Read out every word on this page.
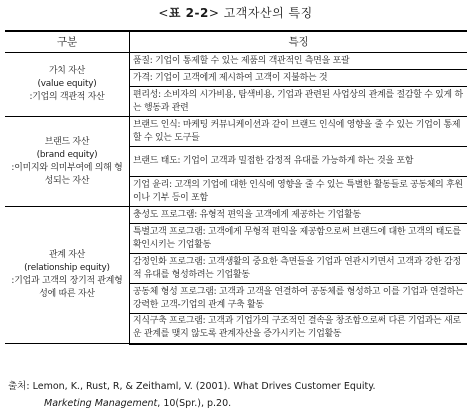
<표 2-2> 고객자산의 특징
구분	특징

가치 자산
(value equity)
:기업의 객관적 자산	품질: 기업이 통제할 수 있는 제품의 객관적인 측면을 포괄
	가격: 기업이 고객에게 제시하여 고객이 지불하는 것
	편리성: 소비자의 시가비용, 탐색비용, 기업과 관련된 사업상의 관계를 절감할 수 있게 하는 행동과 관련

브랜드 자산
(brand equity)
:이미지와 의미부여에 의해 형성되는 자산	브랜드 인식: 마케팅 커뮤니케이션과 같이 브랜드 인식에 영향을 줄 수 있는 기업이 통제할 수 있는 도구들
	브랜드 태도: 기업이 고객과 밀접한 감정적 유대를 가능하게 하는 것을 포함
	기업 윤리: 고객의 기업에 대한 인식에 영향을 줄 수 있는 특별한 활동들로 공동체의 후원이나 기부 등이 포함

관계 자산
(relationship equity)
:기업과 고객의 장기적 관계형성에 따른 자산	충성도 프로그램: 유형적 편익을 고객에게 제공하는 기업활동
	특별고객 프로그램: 고객에게 무형적 편익을 제공함으로써 브랜드에 대한 고객의 태도를 확인시키는 기업활동
	감정인화 프로그램: 고객생활의 중요한 측면들을 기업과 연관시키면서 고객과 강한 감정적 유대를 형성하려는 기업활동
	공동체 형성 프로그램: 고객과 고객을 연결하여 공동체를 형성하고 이를 기업과 연결하는 강력한 고객-기업의 관계 구축 활동
	지식구축 프로그램: 고객과 기업가의 구조적인 결속을 창조함으로써 다른 기업과는 새로운 관계를 맺지 않도록 관계자산을 증가시키는 기업활동
출처: Lemon, K., Rust, R, & Zeithaml, V. (2001). What Drives Customer Equity.
Marketing Management, 10(Spr.), p.20.
